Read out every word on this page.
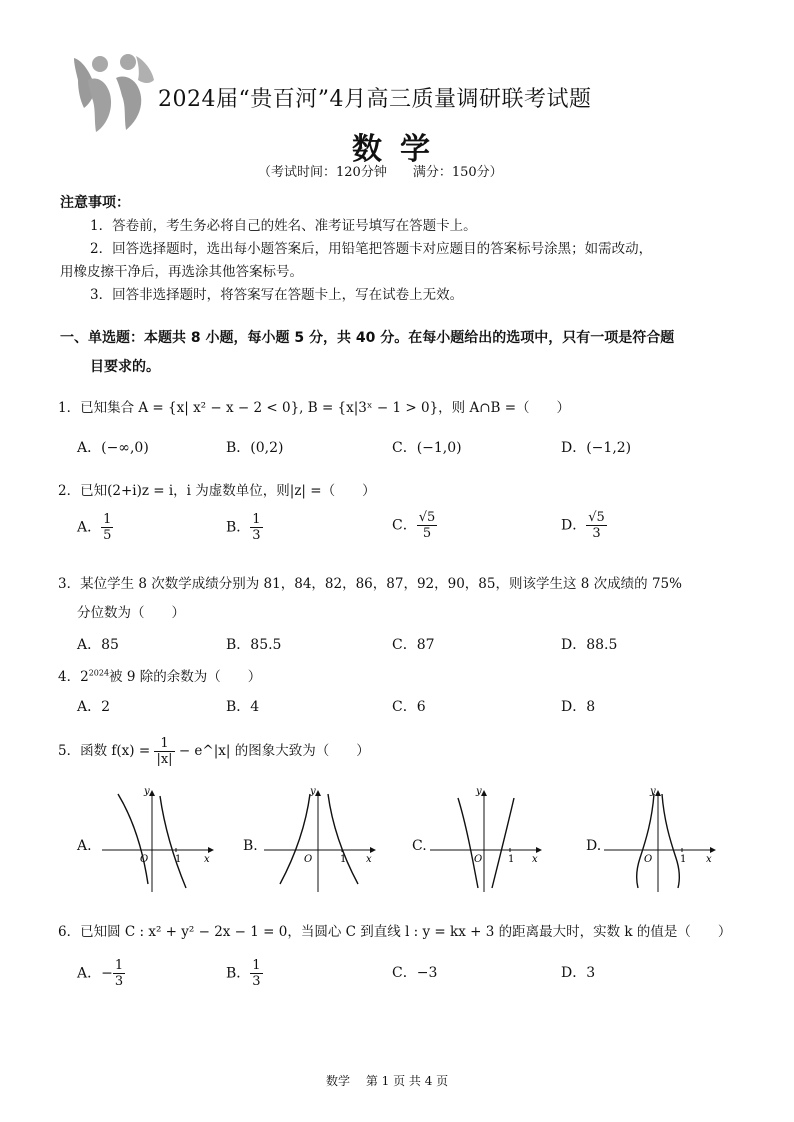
2024届“贵百河”4月高三质量调研联考试题
数学
（考试时间：120分钟　　满分：150分）
注意事项：
1．答卷前，考生务必将自己的姓名、准考证号填写在答题卡上。
2．回答选择题时，选出每小题答案后，用铅笔把答题卡对应题目的答案标号涂黑；如需改动，
用橡皮擦干净后，再选涂其他答案标号。
3．回答非选择题时，将答案写在答题卡上，写在试卷上无效。
一、单选题：本题共 8 小题，每小题 5 分，共 40 分。在每小题给出的选项中，只有一项是符合题
目要求的。
1．已知集合 A = {x| x² − x − 2 < 0}, B = {x|3ˣ − 1 > 0}，则 A∩B =（　　）
A．(−∞,0)	B．(0,2)	C．(−1,0)	D．(−1,2)
2．已知(2+i)z = i，i 为虚数单位，则|z| =（　　）
A． $\frac{1}{5}$	B． $\frac{1}{3}$	C． $\frac{√5}{5}$	D． $\frac{√5}{3}$
3．某位学生 8 次数学成绩分别为 81，84，82，86，87，92，90，85，则该学生这 8 次成绩的 75%
分位数为（　　）
A．85	B．85.5	C．87	D．88.5
4．$2^{2024}$被 9 除的余数为（　　）
A．2	B．4	C．6	D．8
5．函数 $f(x) = \frac{1}{|x|}$ − e^|x| 的图象大致为（　　）
A.
y
x
O	1
B.
y
x
O	1
C.
y
x
O	1
D.
y
x
O	1
6．已知圆 C : x² + y² − 2x − 1 = 0，当圆心 C 到直线 l : y = kx + 3 的距离最大时，实数 k 的值是（　　）
A．− $\frac{1}{3}$	B． $\frac{1}{3}$	C．−3	D．3
数学　 第 1 页 共 4 页
